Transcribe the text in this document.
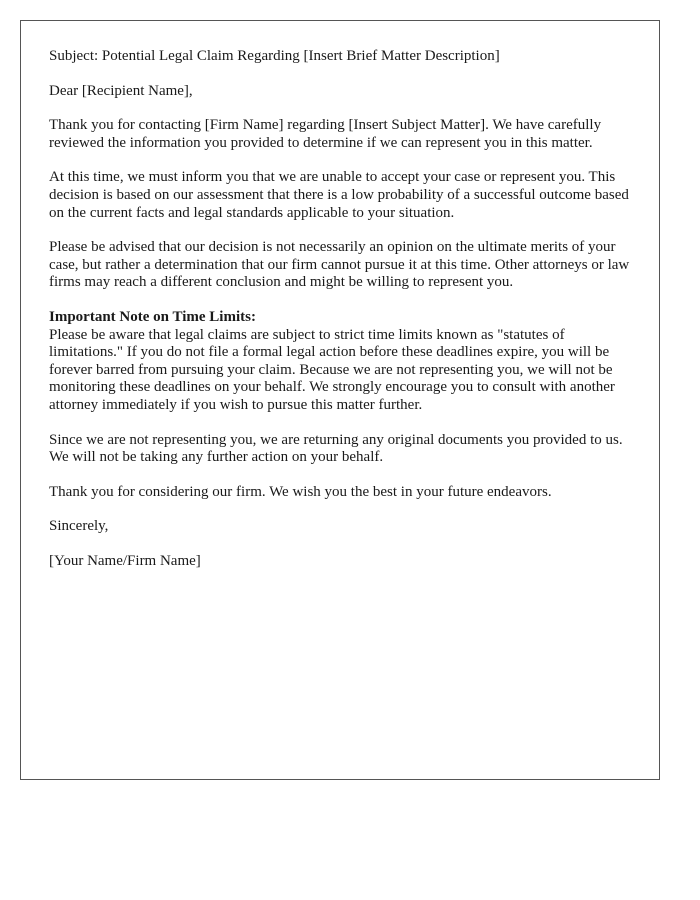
Subject: Potential Legal Claim Regarding [Insert Brief Matter Description]

Dear [Recipient Name],

Thank you for contacting [Firm Name] regarding [Insert Subject Matter]. We have carefully reviewed the information you provided to determine if we can represent you in this matter.

At this time, we must inform you that we are unable to accept your case or represent you. This decision is based on our assessment that there is a low probability of a successful outcome based on the current facts and legal standards applicable to your situation.

Please be advised that our decision is not necessarily an opinion on the ultimate merits of your case, but rather a determination that our firm cannot pursue it at this time. Other attorneys or law firms may reach a different conclusion and might be willing to represent you.

Important Note on Time Limits:
Please be aware that legal claims are subject to strict time limits known as "statutes of limitations." If you do not file a formal legal action before these deadlines expire, you will be forever barred from pursuing your claim. Because we are not representing you, we will not be monitoring these deadlines on your behalf. We strongly encourage you to consult with another attorney immediately if you wish to pursue this matter further.

Since we are not representing you, we are returning any original documents you provided to us. We will not be taking any further action on your behalf.

Thank you for considering our firm. We wish you the best in your future endeavors.

Sincerely,

[Your Name/Firm Name]
